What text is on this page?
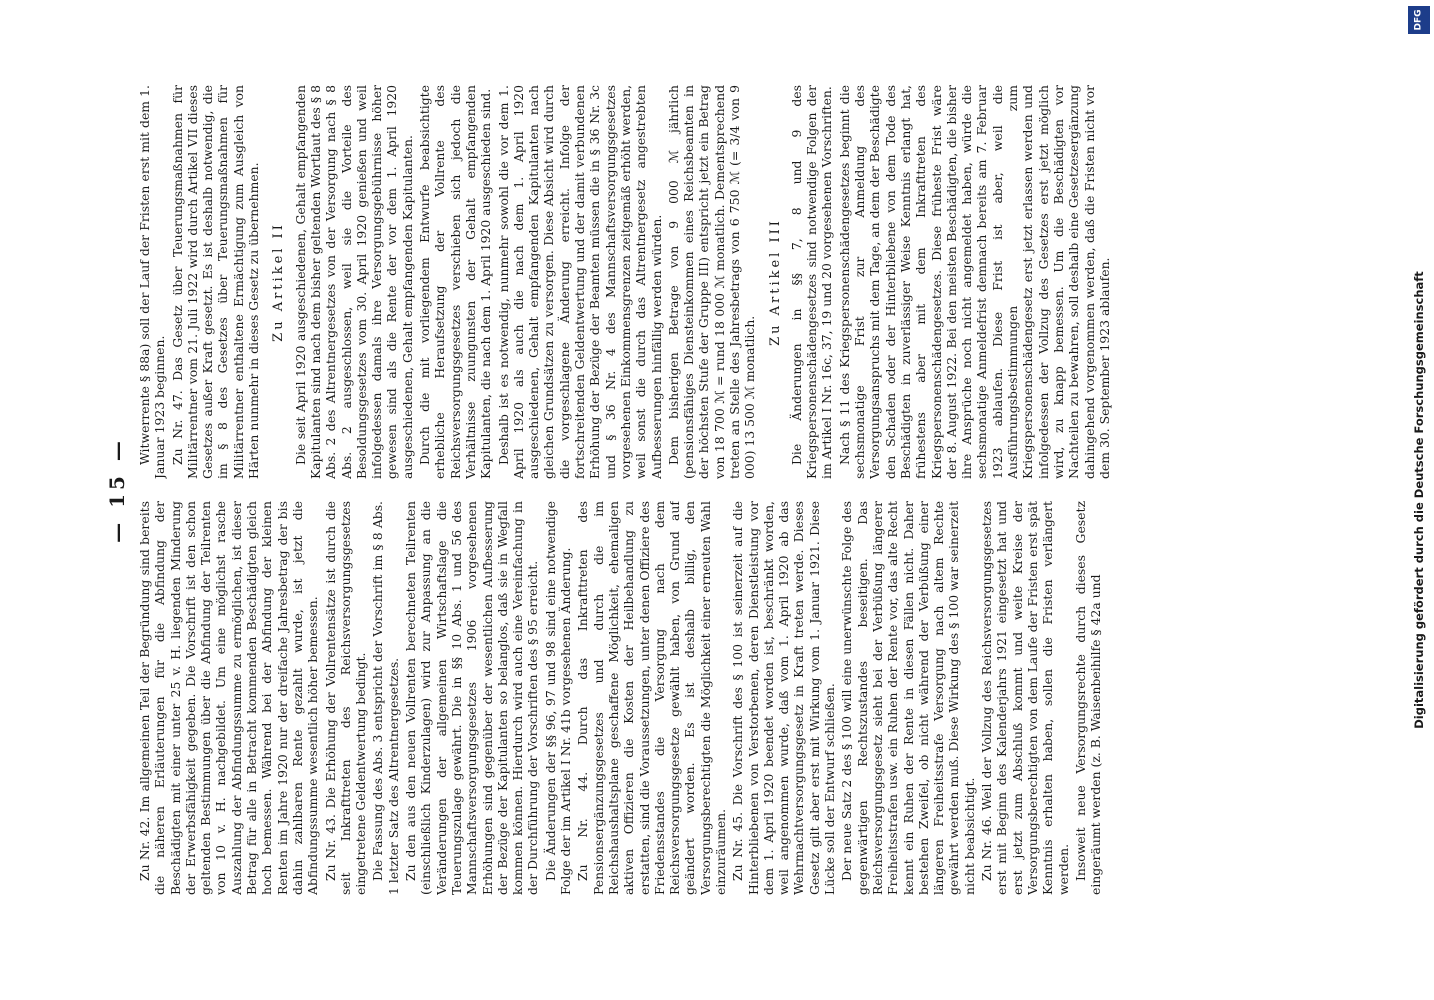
— 15 —

Zu Nr. 42. Im allgemeinen Teil der Begründung sind bereits die näheren Erläuterungen für die Abfindung der Beschädigten mit einer unter 25 v. H. liegenden Minderung der Erwerbsfähigkeit gegeben. Die Vorschrift ist den schon geltenden Bestimmungen über die Abfindung der Teilrenten von 10 v. H. nachgebildet. Um eine möglichst rasche Auszahlung der Abfindungssumme zu ermöglichen, ist dieser Betrag für alle in Betracht kommenden Beschädigten gleich hoch bemessen. Während bei der Abfindung der kleinen Renten im Jahre 1920 nur der dreifache Jahresbetrag der bis dahin zahlbaren Rente gezahlt wurde, ist jetzt die Abfindungssumme wesentlich höher bemessen. Zu Nr. 43. Die Erhöhung der Vollrentensätze ist durch die seit Inkrafttreten des Reichsversorgungsgesetzes eingetretene Geldentwertung bedingt. Die Fassung des Abs. 3 entspricht der Vorschrift im § 8 Abs. 1 letzter Satz des Altrentnergesetzes. Zu den aus den neuen Vollrenten berechneten Teilrenten (einschließlich Kinderzulagen) wird zur Anpassung an die Veränderungen der allgemeinen Wirtschaftslage die Teuerungszulage gewährt. Die in §§ 10 Abs. 1 und 56 des Mannschaftsversorgungsgesetzes 1906 vorgesehenen Erhöhungen sind gegenüber der wesentlichen Aufbesserung der Bezüge der Kapitulanten so belanglos, daß sie in Wegfall kommen können. Hierdurch wird auch eine Vereinfachung in der Durchführung der Vorschriften des § 95 erreicht. Die Änderungen der §§ 96, 97 und 98 sind eine notwendige Folge der im Artikel I Nr. 41b vorgesehenen Änderung. Zu Nr. 44. Durch das Inkrafttreten des Pensionsergänzungsgesetzes und durch die im Reichshaushaltsplane geschaffene Möglichkeit, ehemaligen aktiven Offizieren die Kosten der Heilbehandlung zu erstatten, sind die Voraussetzungen, unter denen Offiziere des Friedensstandes die Versorgung nach dem Reichsversorgungsgesetze gewählt haben, von Grund auf geändert worden. Es ist deshalb billig, den Versorgungsberechtigten die Möglichkeit einer erneuten Wahl einzuräumen. Zu Nr. 45. Die Vorschrift des § 100 ist seinerzeit auf die Hinterbliebenen von Verstorbenen, deren Dienstleistung vor dem 1. April 1920 beendet worden ist, beschränkt worden, weil angenommen wurde, daß vom 1. April 1920 ab das Wehrmachtversorgungsgesetz in Kraft treten werde. Dieses Gesetz gilt aber erst mit Wirkung vom 1. Januar 1921. Diese Lücke soll der Entwurf schließen. Der neue Satz 2 des § 100 will eine unerwünschte Folge des gegenwärtigen Rechtszustandes beseitigen. Das Reichsversorgungsgesetz sieht bei der Verbüßung längerer Freiheitsstrafen usw. ein Ruhen der Rente vor, das alte Recht kennt ein Ruhen der Rente in diesen Fällen nicht. Daher bestehen Zweifel, ob nicht während der Verbüßung einer längeren Freiheitsstrafe Versorgung nach altem Rechte gewährt werden muß. Diese Wirkung des § 100 war seinerzeit nicht beabsichtigt. Zu Nr. 46. Weil der Vollzug des Reichsversorgungsgesetzes erst mit Beginn des Kalenderjahrs 1921 eingesetzt hat und erst jetzt zum Abschluß kommt und weite Kreise der Versorgungsberechtigten von dem Laufe der Fristen erst spät Kenntnis erhalten haben, sollen die Fristen verlängert werden. Insoweit neue Versorgungsrechte durch dieses Gesetz eingeräumt werden (z. B. Waisenbeihilfe § 42a und

Witwerrente § 88a) soll der Lauf der Fristen erst mit dem 1. Januar 1923 beginnen. Zu Nr. 47. Das Gesetz über Teuerungsmaßnahmen für Militärrentner vom 21. Juli 1922 wird durch Artikel VII dieses Gesetzes außer Kraft gesetzt. Es ist deshalb notwendig, die im § 8 des Gesetzes über Teuerungsmaßnahmen für Militärrentner enthaltene Ermächtigung zum Ausgleich von Härten nunmehr in dieses Gesetz zu übernehmen. Zu Artikel II Die seit April 1920 ausgeschiedenen, Gehalt empfangenden Kapitulanten sind nach dem bisher geltenden Wortlaut des § 8 Abs. 2 des Altrentnergesetzes von der Versorgung nach § 8 Abs. 2 ausgeschlossen, weil sie die Vorteile des Besoldungsgesetzes vom 30. April 1920 genießen und weil infolgedessen damals ihre Versorgungsgebührnisse höher gewesen sind als die Rente der vor dem 1. April 1920 ausgeschiedenen, Gehalt empfangenden Kapitulanten. Durch die mit vorliegendem Entwurfe beabsichtigte erhebliche Heraufsetzung der Vollrente des Reichsversorgungsgesetzes verschieben sich jedoch die Verhältnisse zuungunsten der Gehalt empfangenden Kapitulanten, die nach dem 1. April 1920 ausgeschieden sind. Deshalb ist es notwendig, nunmehr sowohl die vor dem 1. April 1920 als auch die nach dem 1. April 1920 ausgeschiedenen, Gehalt empfangenden Kapitulanten nach gleichen Grundsätzen zu versorgen. Diese Absicht wird durch die vorgeschlagene Änderung erreicht. Infolge der fortschreitenden Geldentwertung und der damit verbundenen Erhöhung der Bezüge der Beamten müssen die in § 36 Nr. 3c und § 36 Nr. 4 des Mannschaftsversorgungsgesetzes vorgesehenen Einkommensgrenzen zeitgemäß erhöht werden, weil sonst die durch das Altrentnergesetz angestrebten Aufbesserungen hinfällig werden würden. Dem bisherigen Betrage von 9 000 ℳ jährlich (pensionsfähiges Diensteinkommen eines Reichsbeamten in der höchsten Stufe der Gruppe III) entspricht jetzt ein Betrag von 18 700 ℳ = rund 18 000 ℳ monatlich. Dementsprechend treten an Stelle des Jahresbetrags von 6 750 ℳ (= 3/4 von 9 000) 13 500 ℳ monatlich.

Zu Artikel III Die Änderungen in §§ 7, 8 und 9 des Kriegspersonenschädengesetzes sind notwendige Folgen der im Artikel I Nr. 16c, 37, 19 und 20 vorgesehenen Vorschriften. Nach § 11 des Kriegspersonenschädengesetzes beginnt die sechsmonatige Frist zur Anmeldung des Versorgungsanspruchs mit dem Tage, an dem der Beschädigte den Schaden oder der Hinterbliebene von dem Tode des Beschädigten in zuverlässiger Weise Kenntnis erlangt hat, frühestens aber mit dem Inkrafttreten des Kriegspersonenschädengesetzes. Diese früheste Frist wäre der 8. August 1922. Bei den meisten Beschädigten, die bisher ihre Ansprüche noch nicht angemeldet haben, würde die sechsmonatige Anmeldefrist demnach bereits am 7. Februar 1923 ablaufen. Diese Frist ist aber, weil die Ausführungsbestimmungen zum Kriegspersonenschädengesetz erst jetzt erlassen werden und infolgedessen der Vollzug des Gesetzes erst jetzt möglich wird, zu knapp bemessen. Um die Beschädigten vor Nachteilen zu bewahren, soll deshalb eine Gesetzesergänzung dahingehend vorgenommen werden, daß die Fristen nicht vor dem 30. September 1923 ablaufen.

DFG
Digitalisierung gefördert durch die Deutsche Forschungsgemeinschaft
